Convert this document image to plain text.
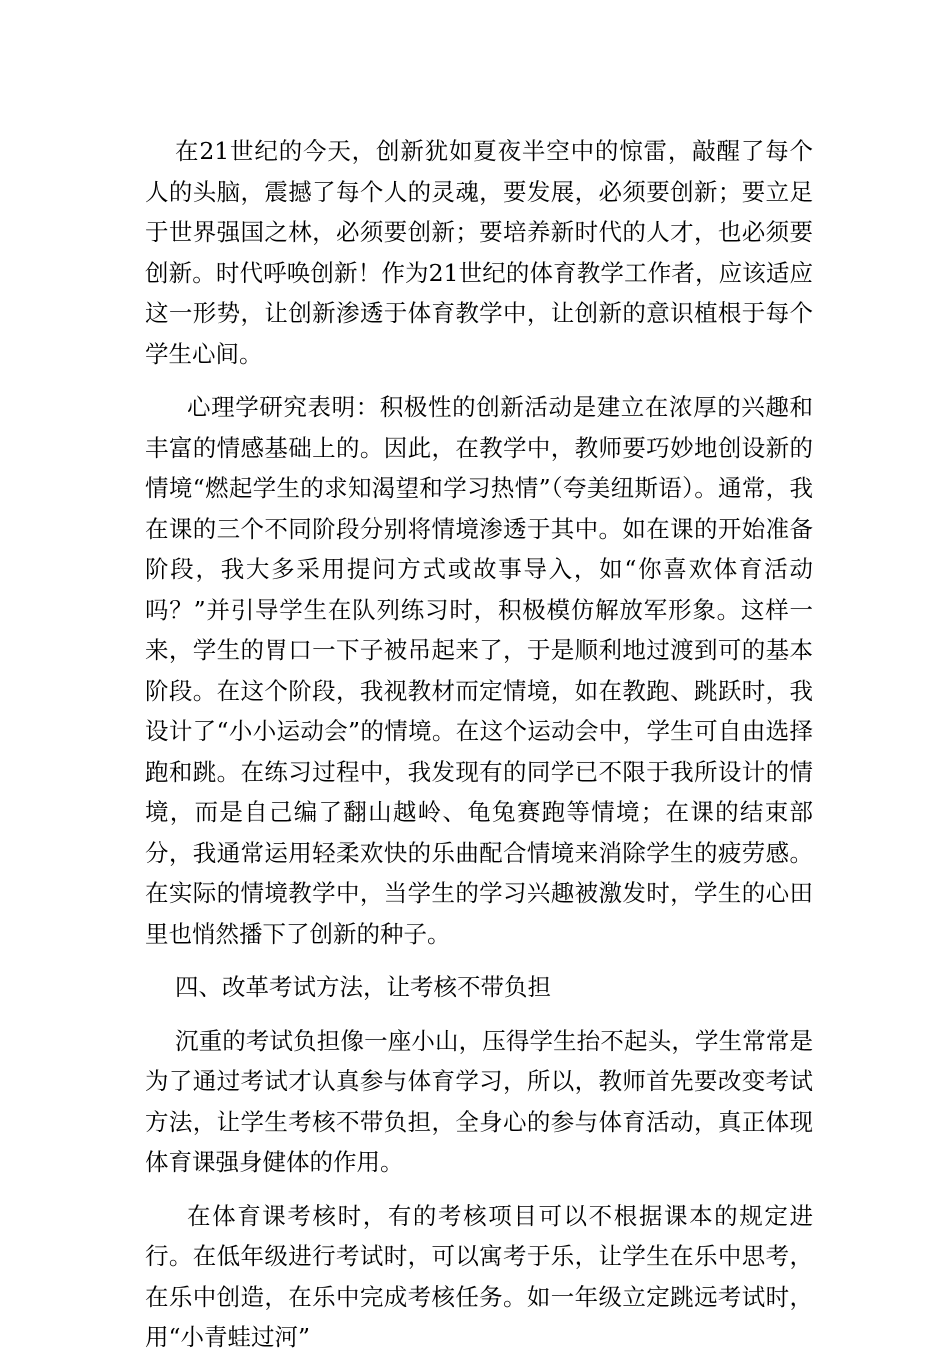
在21世纪的今天，创新犹如夏夜半空中的惊雷，敲醒了每个人的头脑，震撼了每个人的灵魂，要发展，必须要创新；要立足于世界强国之林，必须要创新；要培养新时代的人才，也必须要创新。时代呼唤创新！作为21世纪的体育教学工作者，应该适应这一形势，让创新渗透于体育教学中，让创新的意识植根于每个学生心间。

心理学研究表明：积极性的创新活动是建立在浓厚的兴趣和丰富的情感基础上的。因此，在教学中，教师要巧妙地创设新的情境“燃起学生的求知渴望和学习热情”（夸美纽斯语）。通常，我在课的三个不同阶段分别将情境渗透于其中。如在课的开始准备阶段，我大多采用提问方式或故事导入，如“你喜欢体育活动吗？”并引导学生在队列练习时，积极模仿解放军形象。这样一来，学生的胃口一下子被吊起来了，于是顺利地过渡到可的基本阶段。在这个阶段，我视教材而定情境，如在教跑、跳跃时，我设计了“小小运动会”的情境。在这个运动会中，学生可自由选择跑和跳。在练习过程中，我发现有的同学已不限于我所设计的情境，而是自己编了翻山越岭、龟兔赛跑等情境；在课的结束部分，我通常运用轻柔欢快的乐曲配合情境来消除学生的疲劳感。在实际的情境教学中，当学生的学习兴趣被激发时，学生的心田里也悄然播下了创新的种子。

四、改革考试方法，让考核不带负担

沉重的考试负担像一座小山，压得学生抬不起头，学生常常是为了通过考试才认真参与体育学习，所以，教师首先要改变考试方法，让学生考核不带负担，全身心的参与体育活动，真正体现体育课强身健体的作用。

在体育课考核时，有的考核项目可以不根据课本的规定进行。在低年级进行考试时，可以寓考于乐，让学生在乐中思考，在乐中创造，在乐中完成考核任务。如一年级立定跳远考试时，用“小青蛙过河”
